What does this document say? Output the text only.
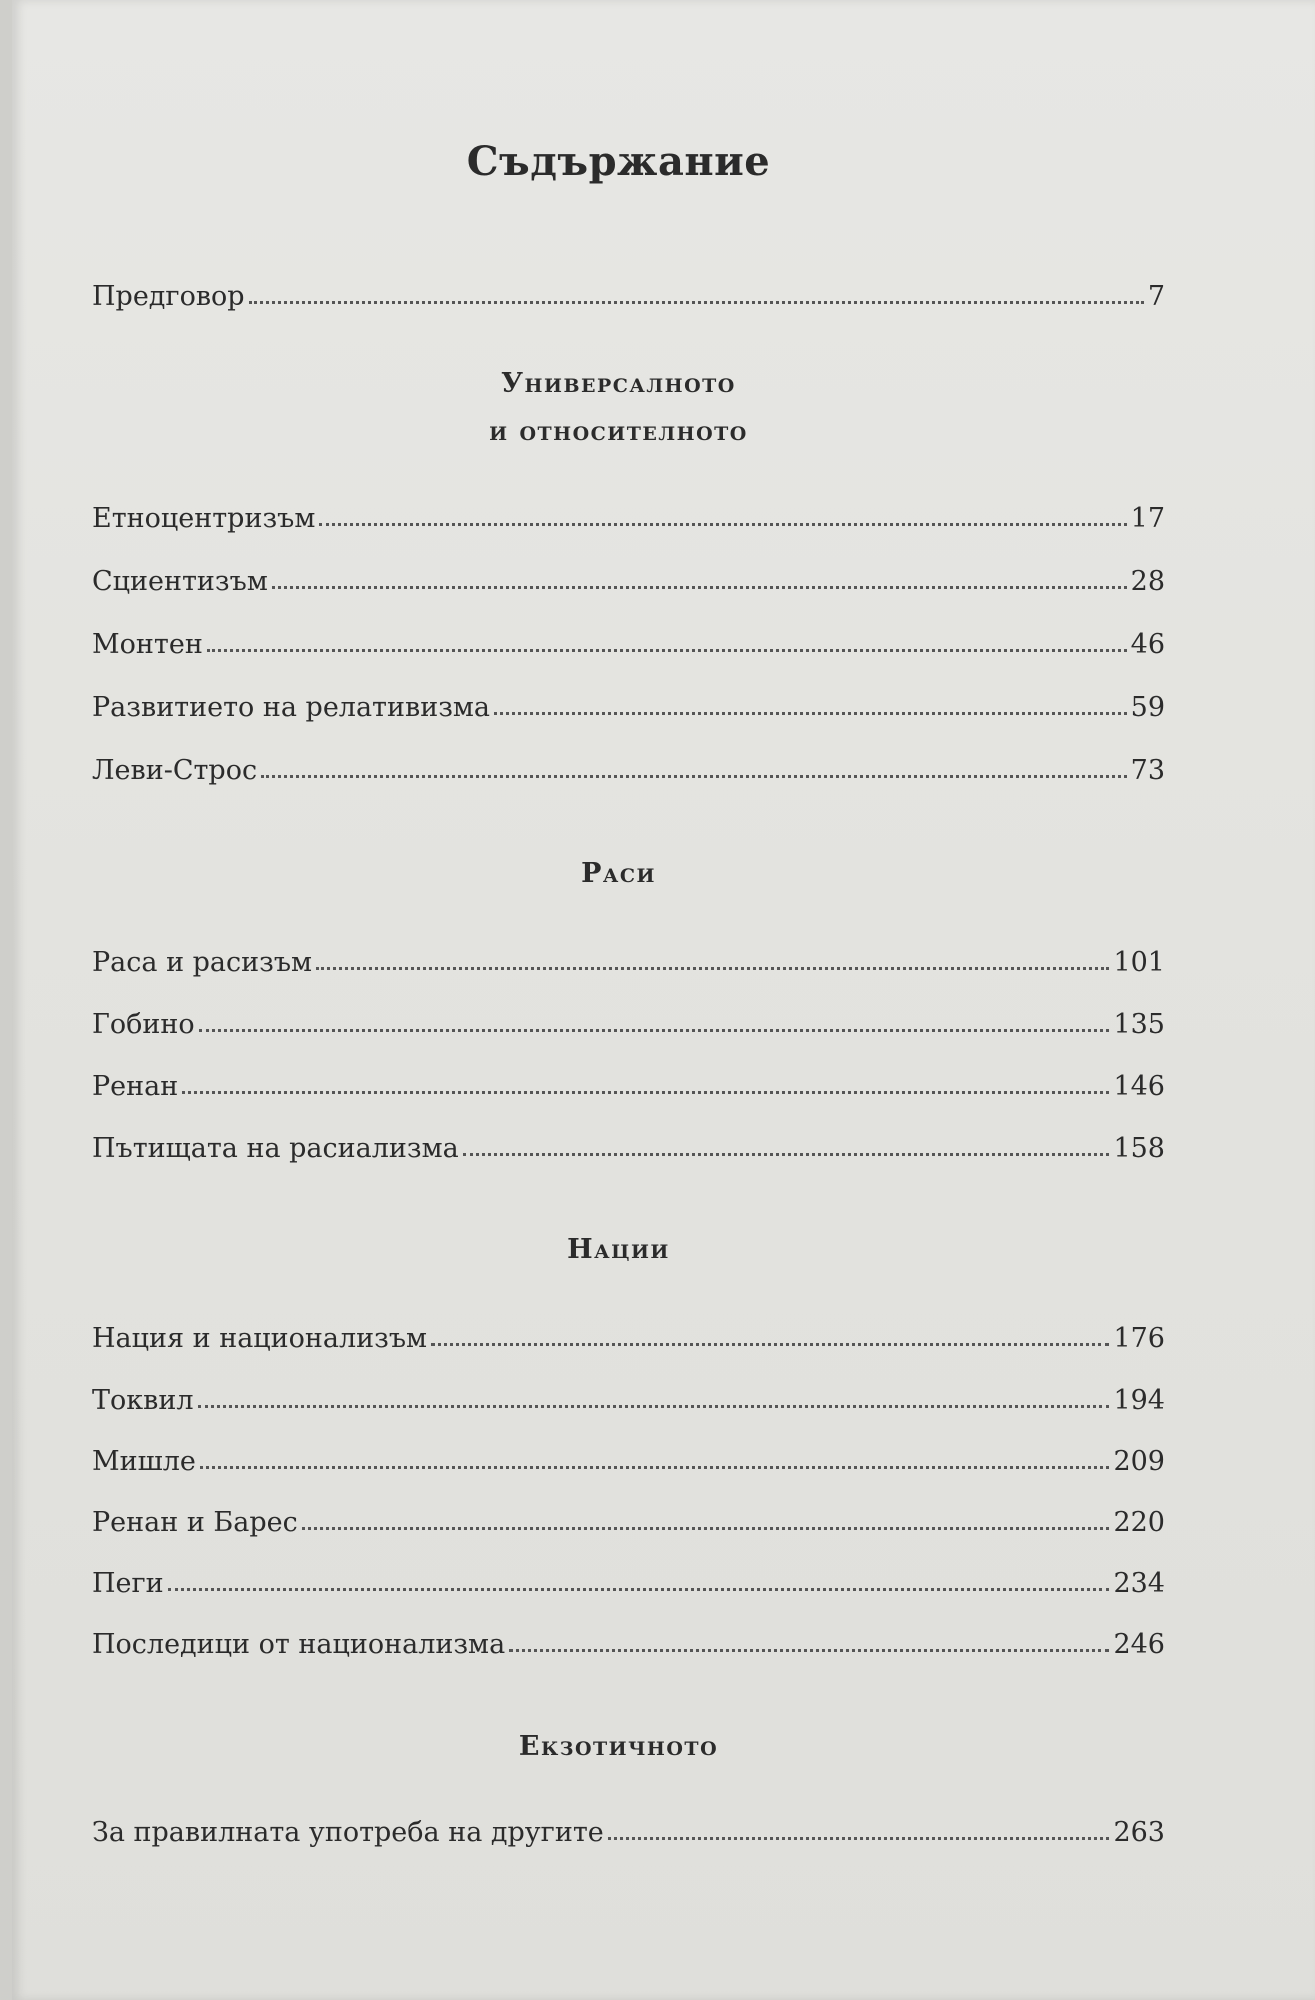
Съдържание
Предговор	7
Универсалното
и относителното
Етноцентризъм	17
Сциентизъм	28
Монтен	46
Развитието на релативизма	59
Леви-Строс	73
Раси
Раса и расизъм	101
Гобино	135
Ренан	146
Пътищата на расиализма	158
Нации
Нация и национализъм	176
Токвил	194
Мишле	209
Ренан и Барес	220
Пеги	234
Последици от национализма	246
Екзотичното
За правилната употреба на другите	263
